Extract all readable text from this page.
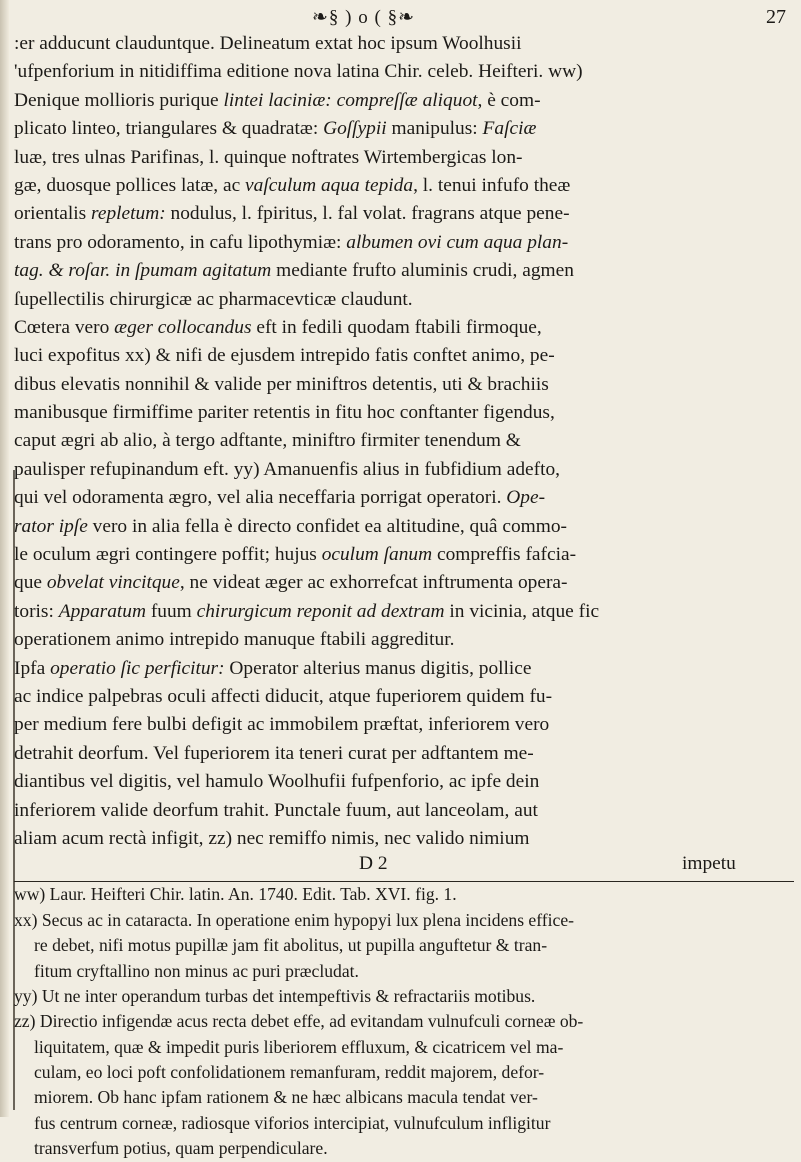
❧§ ) o ( §❧	27
:er adducunt clauduntque. Delineatum extat hoc ipsum Woolhusii
'ufpenforium in nitidiffima editione nova latina Chir. celeb. Heifteri. ww)
Denique mollioris purique lintei laciniæ: compreſſæ aliquot, è com-
plicato linteo, triangulares & quadratæ: Goſſypii manipulus: Faſciæ
luæ, tres ulnas Parifinas, l. quinque noftrates Wirtembergicas lon-
gæ, duosque pollices latæ, ac vaſculum aqua tepida, l. tenui infufo theæ
orientalis repletum: nodulus, l. fpiritus, l. fal volat. fragrans atque pene-
trans pro odoramento, in cafu lipothymiæ: albumen ovi cum aqua plan-
tag. & roſar. in ſpumam agitatum mediante frufto aluminis crudi, agmen
ſupellectilis chirurgicæ ac pharmacevticæ claudunt.
Cœtera vero æger collocandus eft in fedili quodam ftabili firmoque,
luci expofitus xx) & nifi de ejusdem intrepido fatis conftet animo, pe-
dibus elevatis nonnihil & valide per miniftros detentis, uti & brachiis
manibusque firmiffime pariter retentis in fitu hoc conftanter figendus,
caput ægri ab alio, à tergo adftante, miniftro firmiter tenendum &
paulisper refupinandum eft. yy) Amanuenfis alius in fubfidium adefto,
qui vel odoramenta ægro, vel alia neceffaria porrigat operatori. Ope-
rator ipſe vero in alia fella è directo confidet ea altitudine, quâ commo-
le oculum ægri contingere poffit; hujus oculum ſanum compreffis fafcia-
que obvelat vincitque, ne videat æger ac exhorrefcat inftrumenta opera-
toris: Apparatum fuum chirurgicum reponit ad dextram in vicinia, atque fic
operationem animo intrepido manuque ftabili aggreditur.
Ipfa operatio ſic perficitur: Operator alterius manus digitis, pollice
ac indice palpebras oculi affecti diducit, atque fuperiorem quidem fu-
per medium fere bulbi defigit ac immobilem præftat, inferiorem vero
detrahit deorfum. Vel fuperiorem ita teneri curat per adftantem me-
diantibus vel digitis, vel hamulo Woolhufii fufpenforio, ac ipfe dein
inferiorem valide deorfum trahit. Punctale fuum, aut lanceolam, aut
aliam acum rectà infigit, zz) nec remiffo nimis, nec valido nimium
D 2	impetu
ww) Laur. Heifteri Chir. latin. An. 1740. Edit. Tab. XVI. fig. 1.
xx) Secus ac in cataracta. In operatione enim hypopyi lux plena incidens effice-
re debet, nifi motus pupillæ jam fit abolitus, ut pupilla anguftetur & tran-
fitum cryftallino non minus ac puri præcludat.
yy) Ut ne inter operandum turbas det intempeftivis & refractariis motibus.
zz) Directio infigendæ acus recta debet effe, ad evitandam vulnufculi corneæ ob-
liquitatem, quæ & impedit puris liberiorem effluxum, & cicatricem vel ma-
culam, eo loci poft confolidationem remanfuram, reddit majorem, defor-
miorem. Ob hanc ipfam rationem & ne hæc albicans macula tendat ver-
fus centrum corneæ, radiosque viforios intercipiat, vulnufculum infligitur
transverfum potius, quam perpendiculare.
